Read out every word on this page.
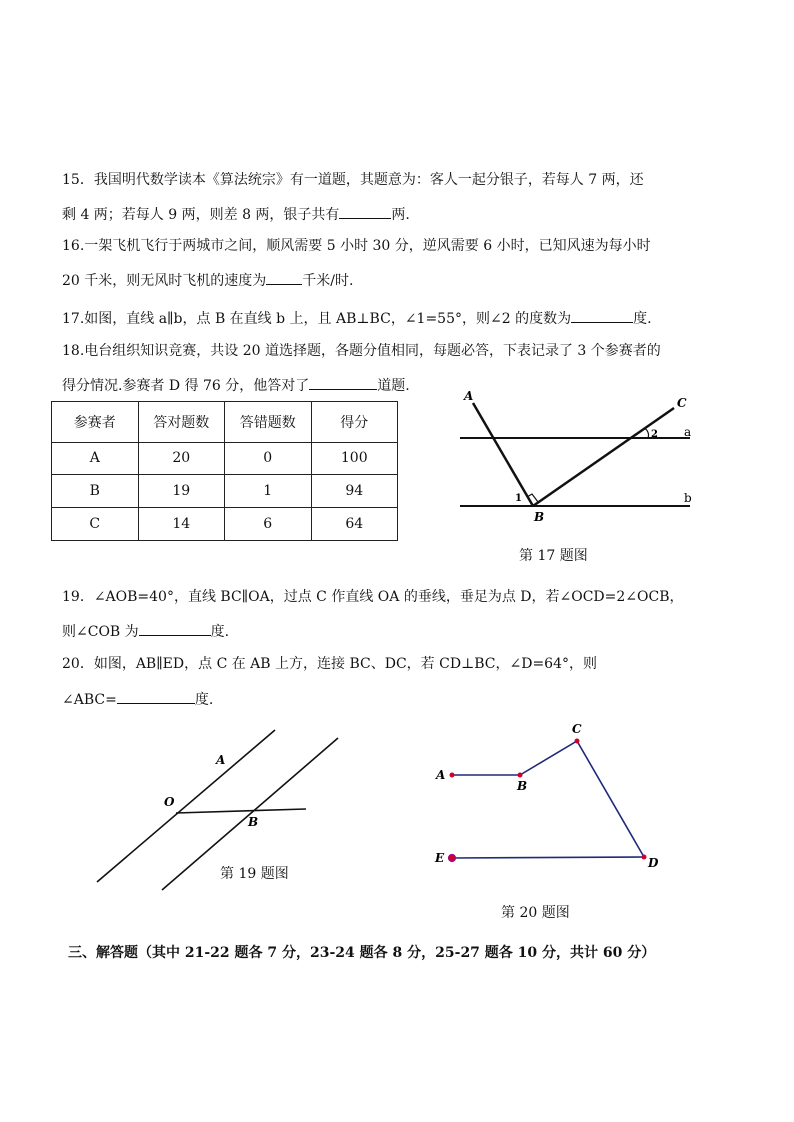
15．我国明代数学读本《算法统宗》有一道题，其题意为：客人一起分银子，若每人 7 两，还
剩 4 两；若每人 9 两，则差 8 两，银子共有	两.
16.一架飞机飞行于两城市之间，顺风需要 5 小时 30 分，逆风需要 6 小时，已知风速为每小时
20 千米，则无风时飞机的速度为	千米/时.
17.如图，直线 a∥b，点 B 在直线 b 上，且 AB⊥BC，∠1=55°，则∠2 的度数为	度.
18.电台组织知识竞赛，共设 20 道选择题，各题分值相同，每题必答，下表记录了 3 个参赛者的
得分情况.参赛者 D 得 76 分，他答对了	道题.
参赛者	答对题数	答错题数	得分
A	20	0	100
B	19	1	94
C	14	6	64
A	C
B
a
b
1
2
第 17 题图
19．∠AOB=40°，直线 BC∥OA，过点 C 作直线 OA 的垂线，垂足为点 D，若∠OCD=2∠OCB，
则∠COB 为	度.
20．如图，AB∥ED，点 C 在 AB 上方，连接 BC、DC，若 CD⊥BC，∠D=64°，则
∠ABC=	度.
A
O
B
第 19 题图
A
B
C
D
E
第 20 题图
三、解答题（其中 21-22 题各 7 分，23-24 题各 8 分，25-27 题各 10 分，共计 60 分）
